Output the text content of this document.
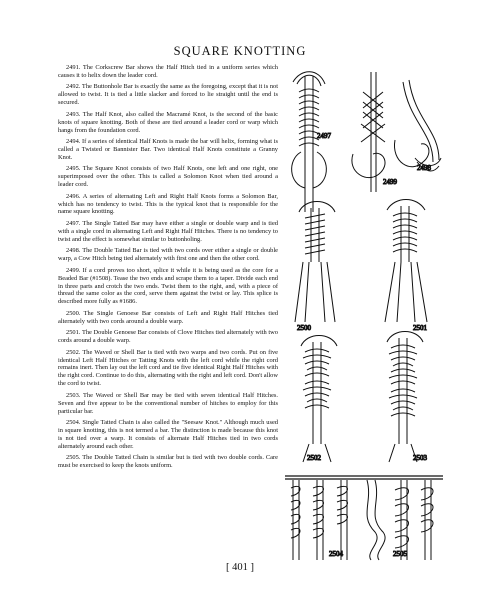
SQUARE KNOTTING

2491. The Corkscrew Bar shows the Half Hitch tied in a uniform series which causes it to helix down the leader cord.

2492. The Buttonhole Bar is exactly the same as the foregoing, except that it is not allowed to twist. It is tied a little slacker and forced to lie straight until the end is secured.

2493. The Half Knot, also called the Macramé Knot, is the second of the basic knots of square knotting. Both of these are tied around a leader cord or warp which hangs from the foundation cord.

2494. If a series of identical Half Knots is made the bar will helix, forming what is called a Twisted or Bannister Bar. Two identical Half Knots constitute a Granny Knot.

2495. The Square Knot consists of two Half Knots, one left and one right, one superimposed over the other. This is called a Solomon Knot when tied around a leader cord.

2496. A series of alternating Left and Right Half Knots forms a Solomon Bar, which has no tendency to twist. This is the typical knot that is responsible for the name square knotting.

2497. The Single Tatted Bar may have either a single or double warp and is tied with a single cord in alternating Left and Right Half Hitches. There is no tendency to twist and the effect is somewhat similar to buttonholing.

2498. The Double Tatted Bar is tied with two cords over either a single or double warp, a Cow Hitch being tied alternately with first one and then the other cord.

2499. If a cord proves too short, splice it while it is being used as the core for a Beaded Bar (#1508). Tease the two ends and scrape them to a taper. Divide each end in three parts and crotch the two ends. Twist them to the right, and, with a piece of thread the same color as the cord, serve them against the twist or lay. This splice is described more fully as #1686.

2500. The Single Genoese Bar consists of Left and Right Half Hitches tied alternately with two cords around a double warp.

2501. The Double Genoese Bar consists of Clove Hitches tied alternately with two cords around a double warp.

2502. The Waved or Shell Bar is tied with two warps and two cords. Put on five identical Left Half Hitches or Tatting Knots with the left cord while the right cord remains inert. Then lay out the left cord and tie five identical Right Half Hitches with the right cord. Continue to do this, alternating with the right and left cord. Don't allow the cord to twist.

2503. The Waved or Shell Bar may be tied with seven identical Half Hitches. Seven and five appear to be the conventional number of hitches to employ for this particular bar.

2504. Single Tatted Chain is also called the "Seesaw Knot." Although much used in square knotting, this is not termed a bar. The distinction is made because this knot is not tied over a warp. It consists of alternate Half Hitches tied in two cords alternately around each other.

2505. The Double Tatted Chain is similar but is tied with two double cords. Care must be exercised to keep the knots uniform.

2497
2498
2499
2500	2501
2502	2503
2504	2505
[ 401 ]
